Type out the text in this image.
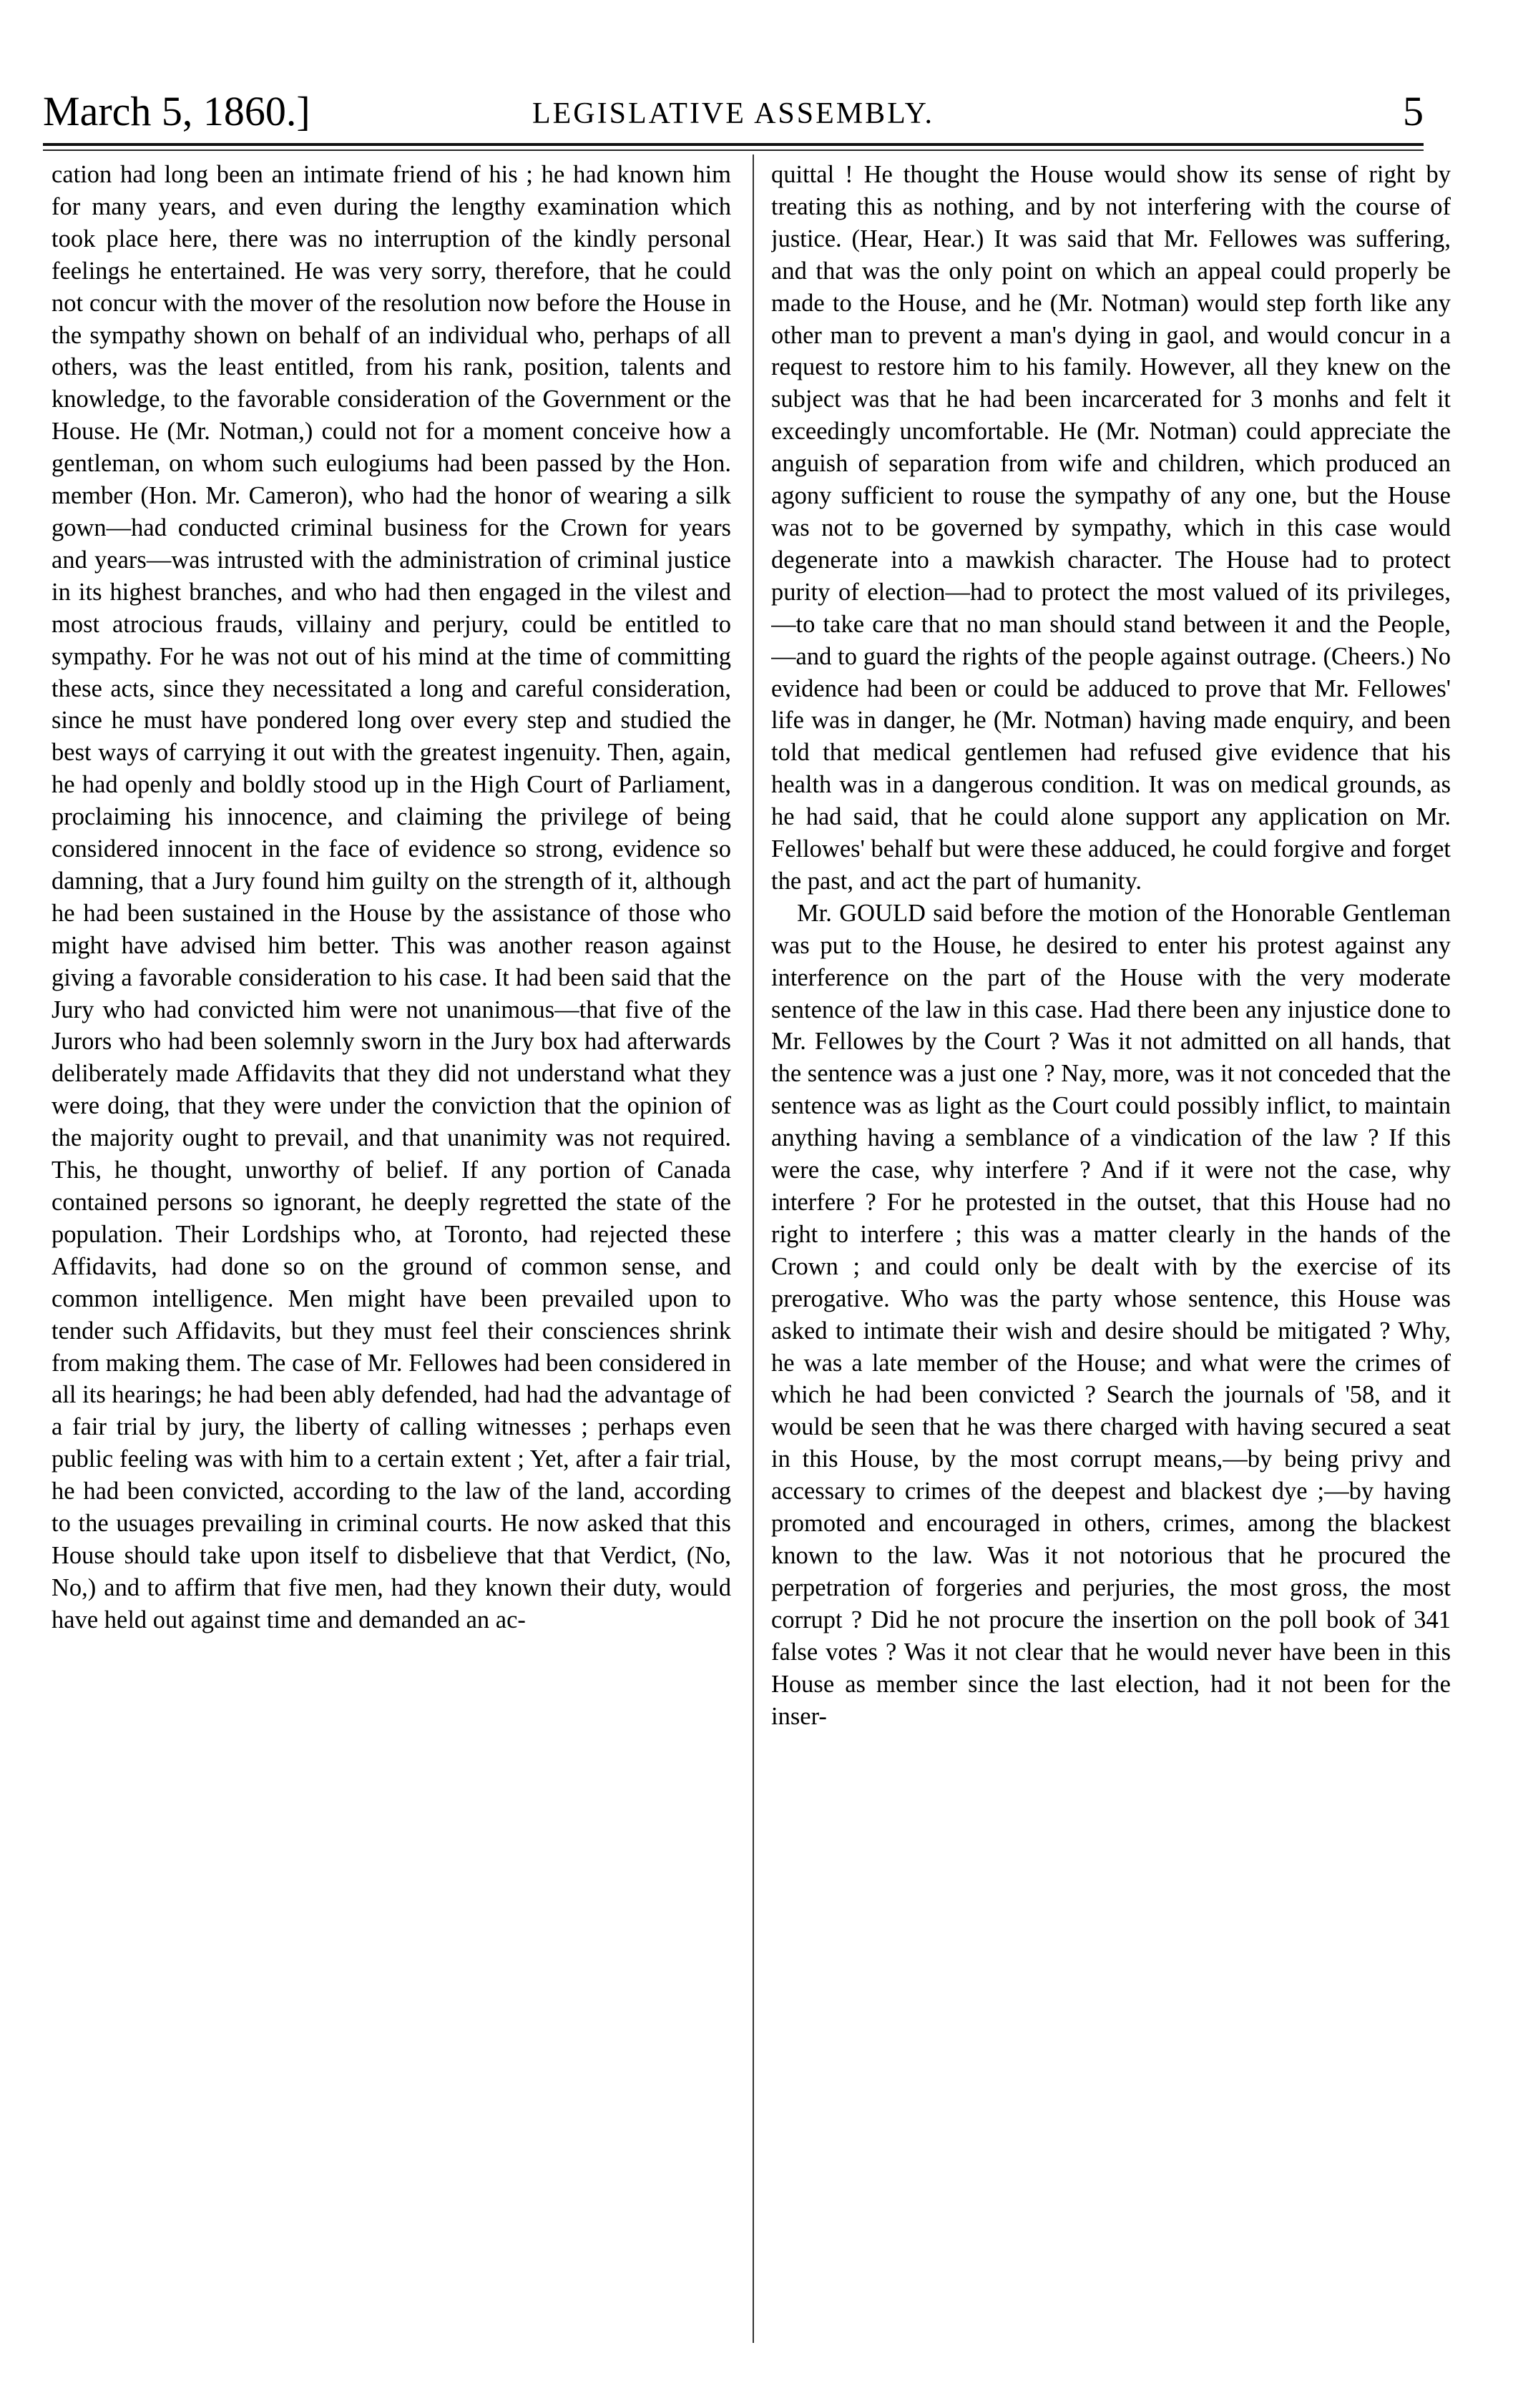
March 5, 1860.]	LEGISLATIVE ASSEMBLY.	5

cation had long been an intimate friend of his ; he had known him for many years, and even during the lengthy examination which took place here, there was no interruption of the kindly personal feelings he entertained. He was very sorry, therefore, that he could not concur with the mover of the resolution now before the House in the sympathy shown on behalf of an individual who, perhaps of all others, was the least entitled, from his rank, position, talents and knowledge, to the favorable consideration of the Government or the House. He (Mr. Notman,) could not for a moment conceive how a gentleman, on whom such eulogiums had been passed by the Hon. member (Hon. Mr. Cameron), who had the honor of wearing a silk gown—had conducted criminal business for the Crown for years and years—was intrusted with the administration of criminal justice in its highest branches, and who had then engaged in the vilest and most atrocious frauds, villainy and perjury, could be entitled to sympathy. For he was not out of his mind at the time of committing these acts, since they necessitated a long and careful consideration, since he must have pondered long over every step and studied the best ways of carrying it out with the greatest ingenuity. Then, again, he had openly and boldly stood up in the High Court of Parliament, proclaiming his innocence, and claiming the privilege of being considered innocent in the face of evidence so strong, evidence so damning, that a Jury found him guilty on the strength of it, although he had been sustained in the House by the assistance of those who might have advised him better. This was another reason against giving a favorable consideration to his case. It had been said that the Jury who had convicted him were not unanimous—that five of the Jurors who had been solemnly sworn in the Jury box had afterwards deliberately made Affidavits that they did not understand what they were doing, that they were under the conviction that the opinion of the majority ought to prevail, and that unanimity was not required. This, he thought, unworthy of belief. If any portion of Canada contained persons so ignorant, he deeply regretted the state of the population. Their Lordships who, at Toronto, had rejected these Affidavits, had done so on the ground of common sense, and common intelligence. Men might have been prevailed upon to tender such Affidavits, but they must feel their consciences shrink from making them. The case of Mr. Fellowes had been considered in all its hearings; he had been ably defended, had had the advantage of a fair trial by jury, the liberty of calling witnesses ; perhaps even public feeling was with him to a certain extent ; Yet, after a fair trial, he had been convicted, according to the law of the land, according to the usuages prevailing in criminal courts. He now asked that this House should take upon itself to disbelieve that that Verdict, (No, No,) and to affirm that five men, had they known their duty, would have held out against time and demanded an ac-

quittal ! He thought the House would show its sense of right by treating this as nothing, and by not interfering with the course of justice. (Hear, Hear.) It was said that Mr. Fellowes was suffering, and that was the only point on which an appeal could properly be made to the House, and he (Mr. Notman) would step forth like any other man to prevent a man's dying in gaol, and would concur in a request to restore him to his family. However, all they knew on the subject was that he had been incarcerated for 3 monhs and felt it exceedingly uncomfortable. He (Mr. Notman) could appreciate the anguish of separation from wife and children, which produced an agony sufficient to rouse the sympathy of any one, but the House was not to be governed by sympathy, which in this case would degenerate into a mawkish character. The House had to protect purity of election—had to protect the most valued of its privileges,—to take care that no man should stand between it and the People, —and to guard the rights of the people against outrage. (Cheers.) No evidence had been or could be adduced to prove that Mr. Fellowes' life was in danger, he (Mr. Notman) having made enquiry, and been told that medical gentlemen had refused give evidence that his health was in a dangerous condition. It was on medical grounds, as he had said, that he could alone support any application on Mr. Fellowes' behalf but were these adduced, he could forgive and forget the past, and act the part of humanity.

Mr. GOULD said before the motion of the Honorable Gentleman was put to the House, he desired to enter his protest against any interference on the part of the House with the very moderate sentence of the law in this case. Had there been any injustice done to Mr. Fellowes by the Court ? Was it not admitted on all hands, that the sentence was a just one ? Nay, more, was it not conceded that the sentence was as light as the Court could possibly inflict, to maintain anything having a semblance of a vindication of the law ? If this were the case, why interfere ? And if it were not the case, why interfere ? For he protested in the outset, that this House had no right to interfere ; this was a matter clearly in the hands of the Crown ; and could only be dealt with by the exercise of its prerogative. Who was the party whose sentence, this House was asked to intimate their wish and desire should be mitigated ? Why, he was a late member of the House; and what were the crimes of which he had been convicted ? Search the journals of '58, and it would be seen that he was there charged with having secured a seat in this House, by the most corrupt means,—by being privy and accessary to crimes of the deepest and blackest dye ;—by having promoted and encouraged in others, crimes, among the blackest known to the law. Was it not notorious that he procured the perpetration of forgeries and perjuries, the most gross, the most corrupt ? Did he not procure the insertion on the poll book of 341 false votes ? Was it not clear that he would never have been in this House as member since the last election, had it not been for the inser-
